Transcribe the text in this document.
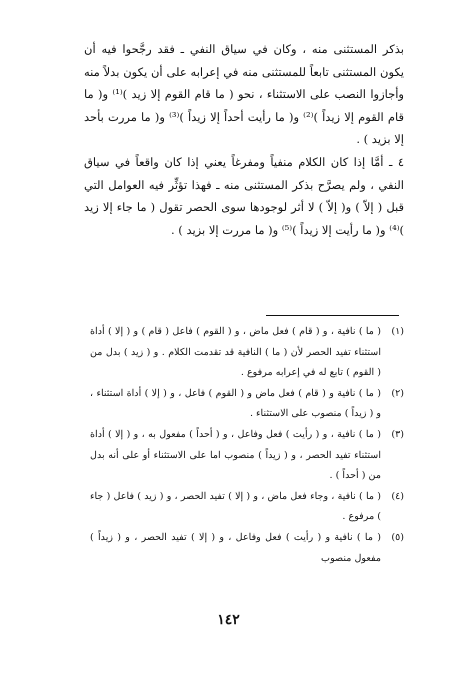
بذكر المستثنى منه ، وكان في سياق النفي ـ فقد رجَّحوا فيه أن يكون المستثنى تابعاً للمستثنى منه في إعرابه على أن يكون بدلاً منه وأجازوا النصب على الاستثناء ، نحو ( ما قام القوم إلا زيد )⁽¹⁾ و( ما قام القوم إلا زيداً )⁽²⁾ و( ما رأيت أحداً إلا زيداً )⁽³⁾ و( ما مررت بأحد إلا بزيد ) .

٤ ـ أمَّا إذا كان الكلام منفياً ومفرغاً يعني إذا كان واقعاً في سياق النفي ، ولم يصرَّح بذكر المستثنى منه ـ فهذا تؤثِّر فيه العوامل التي قبل ( إلاّ ) و( إلاّ ) لا أثر لوجودها سوى الحصر تقول ( ما جاء إلا زيد )⁽⁴⁾ و( ما رأيت إلا زيداً )⁽⁵⁾ و( ما مررت إلا بزيد ) .

(١)
( ما ) نافية ، و ( قام ) فعل ماض ، و ( القوم ) فاعل ( قام ) و ( إلا ) أداة استثناء تفيد الحصر لأن ( ما ) النافية قد تقدمت الكلام . و ( زيد ) بدل من ( القوم ) تابع له في إعرابه مرفوع .
(٢)
( ما ) نافية و ( قام ) فعل ماض و ( القوم ) فاعل ، و ( إلا ) أداة استثناء ، و ( زيداً ) منصوب على الاستثناء .
(٣)
( ما ) نافية ، و ( رأيت ) فعل وفاعل ، و ( أحداً ) مفعول به ، و ( إلا ) أداة استثناء تفيد الحصر ، و ( زيداً ) منصوب اما على الاستثناء أو على أنه بدل من ( أحداً ) .
(٤)
( ما ) نافية ، وجاء فعل ماض ، و ( إلا ) تفيد الحصر ، و ( زيد ) فاعل ( جاء ) مرفوع .
(٥)
( ما ) نافية و ( رأيت ) فعل وفاعل ، و ( إلا ) تفيد الحصر ، و ( زيداً ) مفعول منصوب
١٤٢
